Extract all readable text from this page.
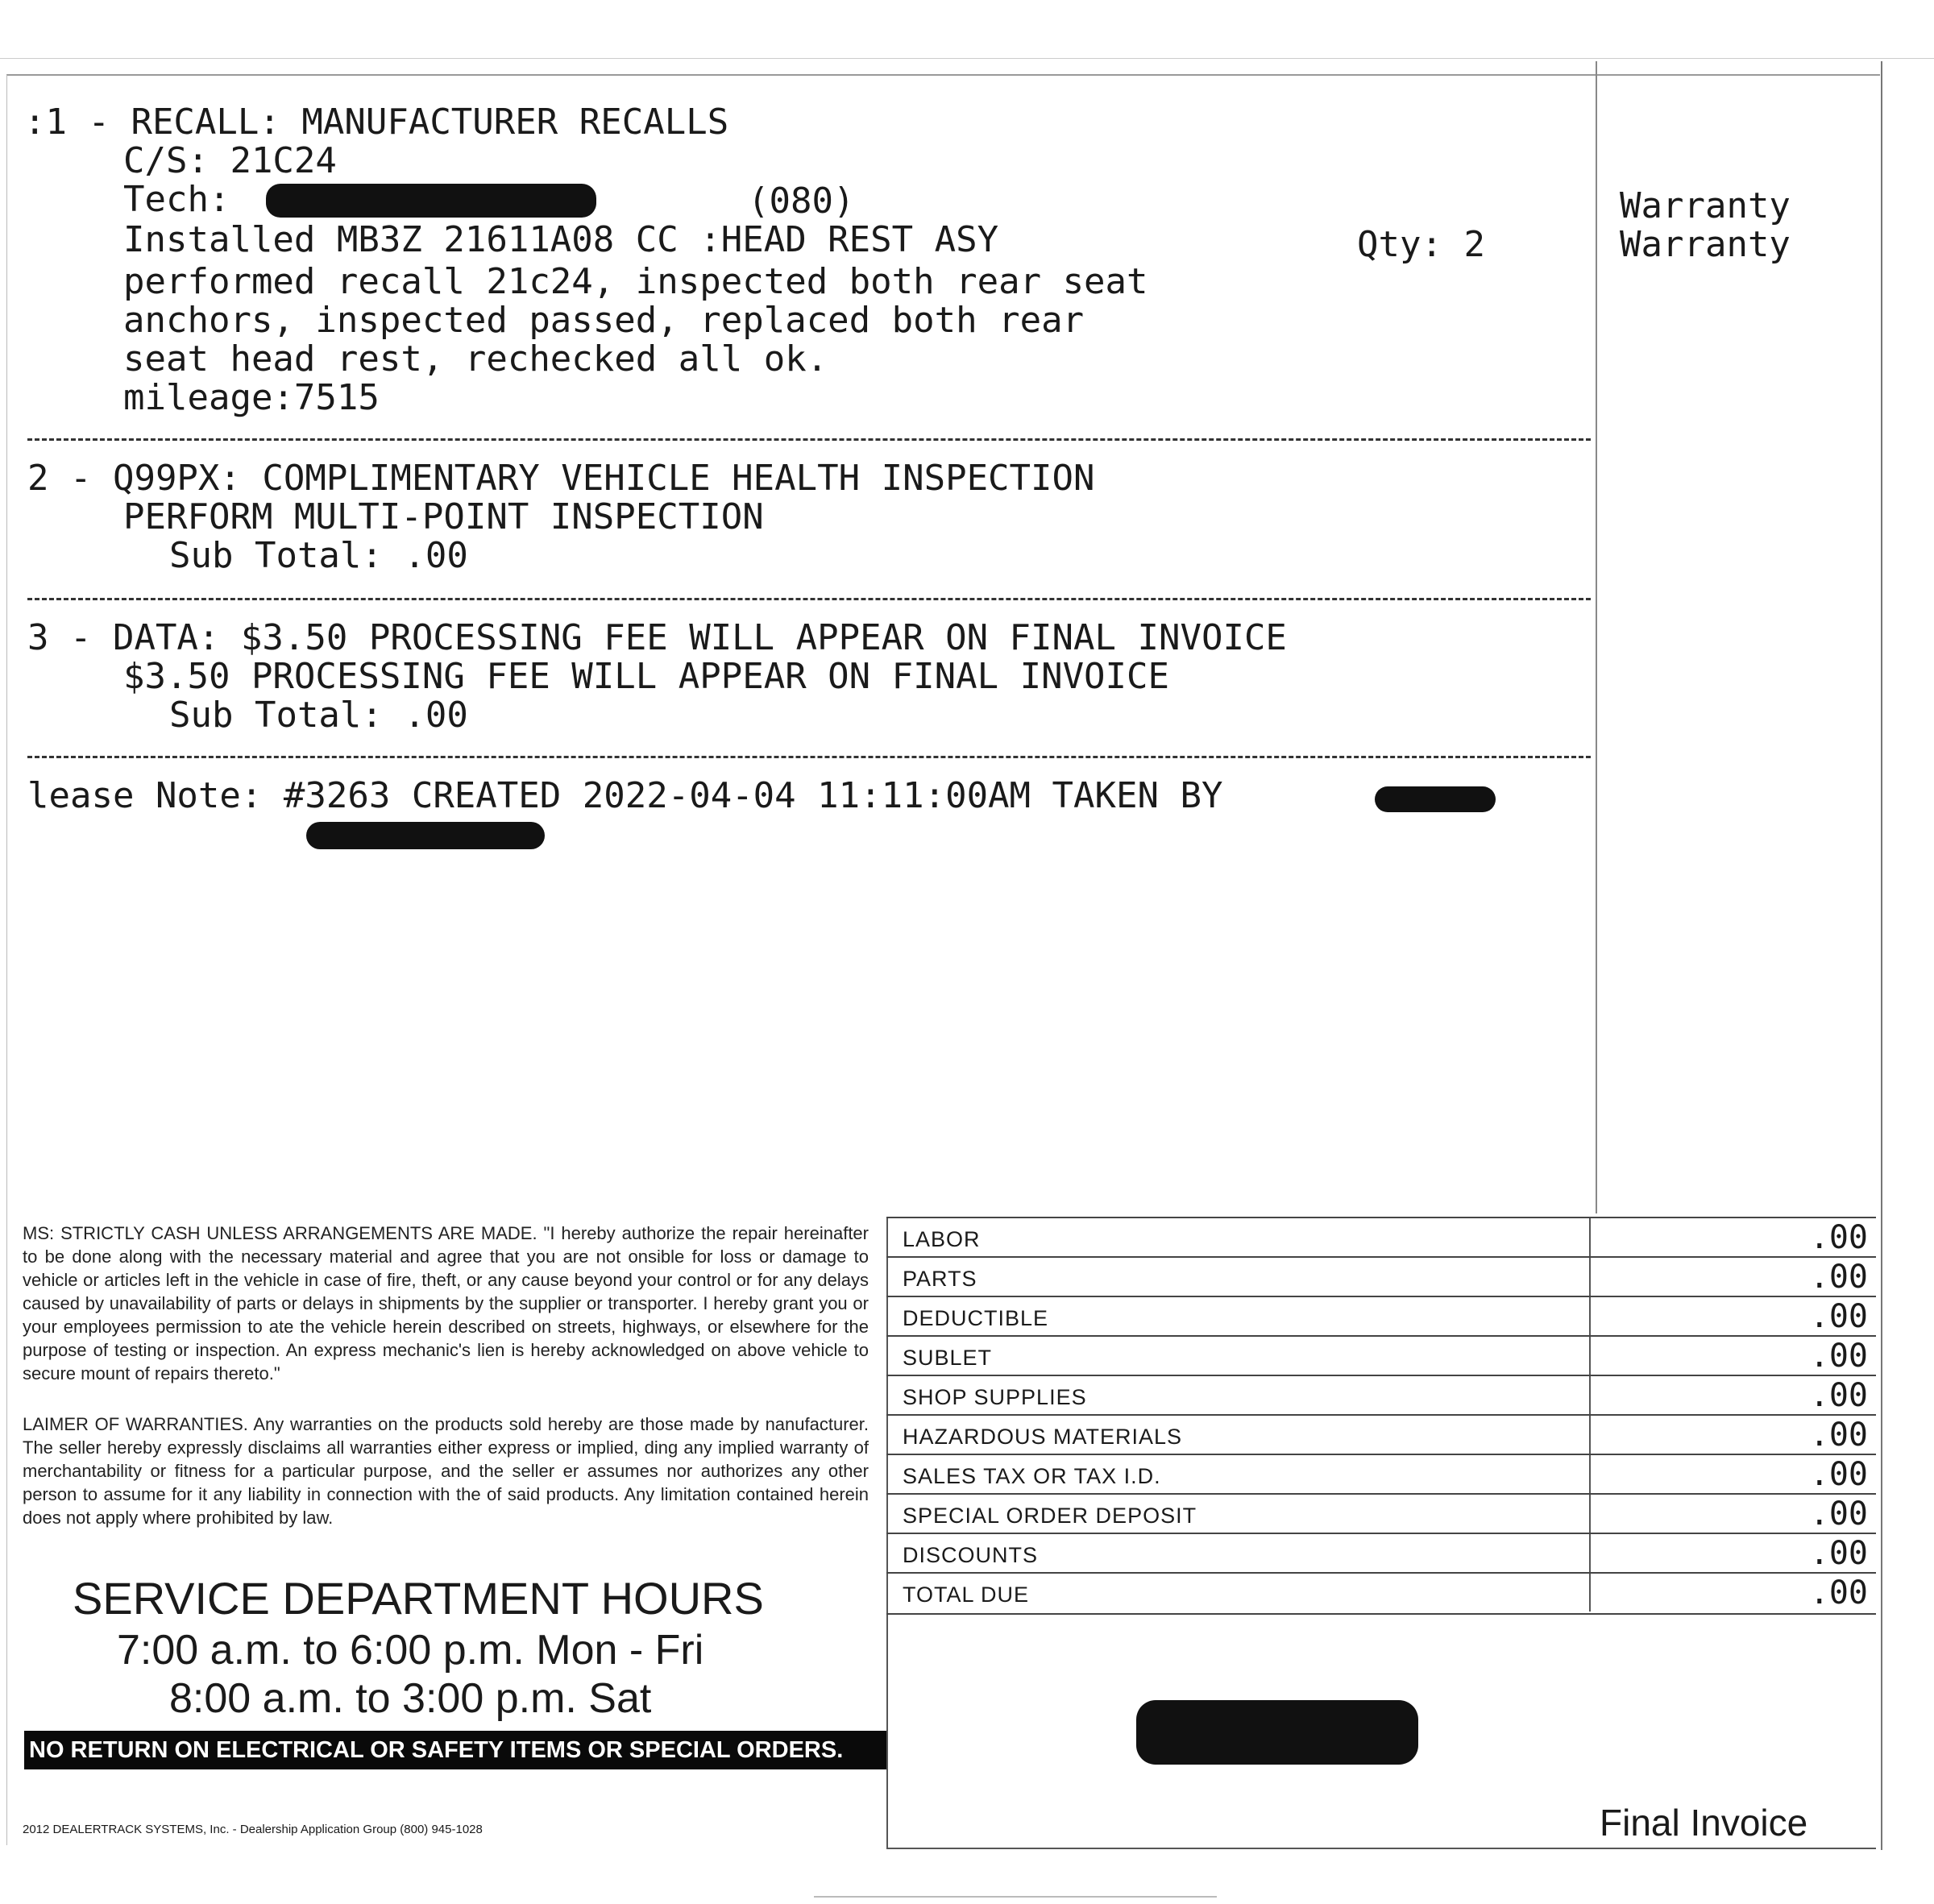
:1 - RECALL: MANUFACTURER RECALLS
C/S: 21C24
Tech:	(080)
Installed MB3Z 21611A08 CC :HEAD REST ASY	Qty: 2
performed recall 21c24, inspected both rear seat
anchors, inspected passed, replaced both rear
seat head rest, rechecked all ok.
mileage:7515
Warranty
Warranty
2 - Q99PX: COMPLIMENTARY VEHICLE HEALTH INSPECTION
PERFORM MULTI-POINT INSPECTION
Sub Total: .00
3 - DATA: $3.50 PROCESSING FEE WILL APPEAR ON FINAL INVOICE
$3.50 PROCESSING FEE WILL APPEAR ON FINAL INVOICE
Sub Total: .00
lease Note: #3263 CREATED 2022-04-04 11:11:00AM TAKEN BY

MS: STRICTLY CASH UNLESS ARRANGEMENTS ARE MADE. "I hereby authorize the repair hereinafter to be done along with the necessary material and agree that you are not onsible for loss or damage to vehicle or articles left in the vehicle in case of fire, theft, or any cause beyond your control or for any delays caused by unavailability of parts or delays in shipments by the supplier or transporter. I hereby grant you or your employees permission to ate the vehicle herein described on streets, highways, or elsewhere for the purpose of testing or inspection. An express mechanic's lien is hereby acknowledged on above vehicle to secure mount of repairs thereto."

LAIMER OF WARRANTIES. Any warranties on the products sold hereby are those made by nanufacturer. The seller hereby expressly disclaims all warranties either express or implied, ding any implied warranty of merchantability or fitness for a particular purpose, and the seller er assumes nor authorizes any other person to assume for it any liability in connection with the of said products. Any limitation contained herein does not apply where prohibited by law.

SERVICE DEPARTMENT HOURS
7:00 a.m. to 6:00 p.m. Mon - Fri
8:00 a.m. to 3:00 p.m. Sat
NO RETURN ON ELECTRICAL OR SAFETY ITEMS OR SPECIAL ORDERS.
2012 DEALERTRACK SYSTEMS, Inc. - Dealership Application Group (800) 945-1028
LABOR	.00
PARTS	.00
DEDUCTIBLE	.00
SUBLET	.00
SHOP SUPPLIES	.00
HAZARDOUS MATERIALS	.00
SALES TAX OR TAX I.D.	.00
SPECIAL ORDER DEPOSIT	.00
DISCOUNTS	.00
TOTAL DUE	.00
Final Invoice
